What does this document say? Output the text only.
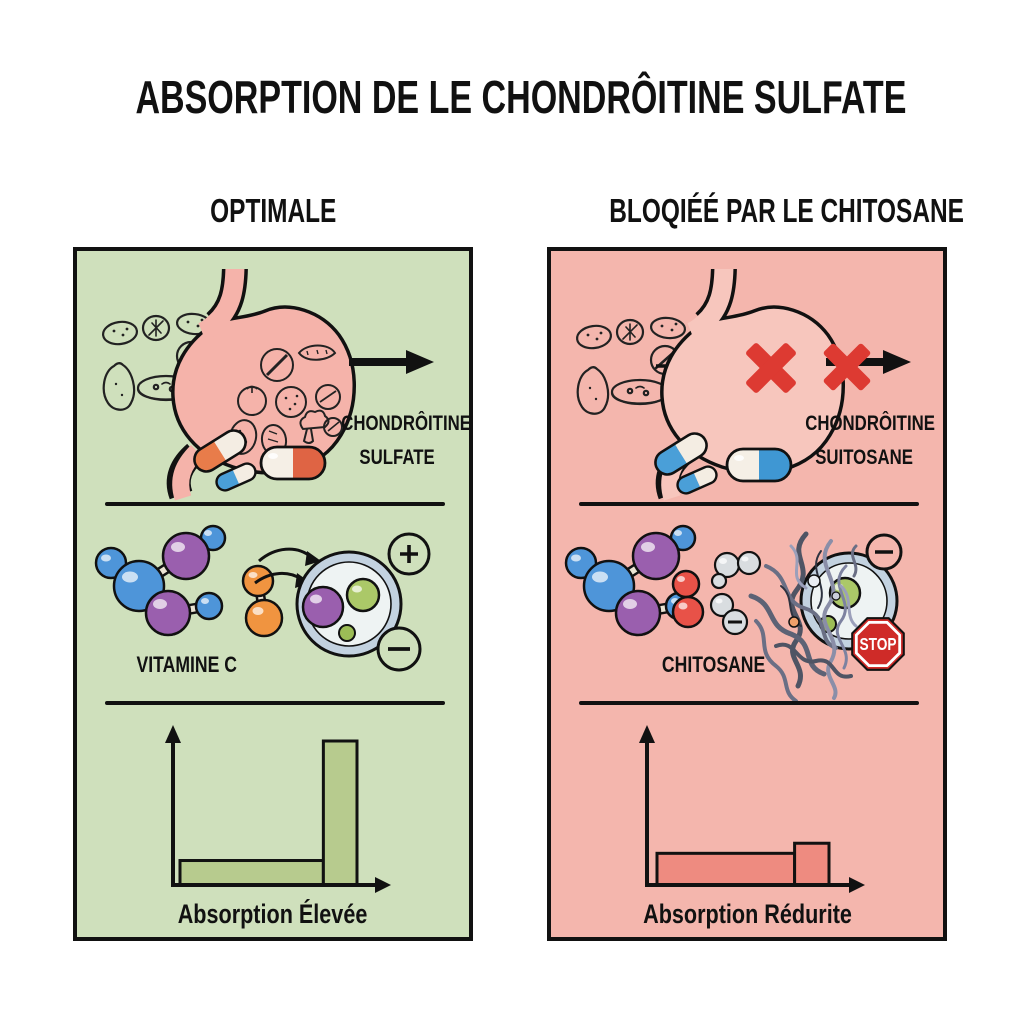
ABSORPTION DE LE CHONDRÔITINE SULFATE
OPTIMALE	BLOQIÉÉ PAR LE CHITOSANE
CHONDRÔITINE
SULFATE
VITAMINE C
Absorption Élevée
CHONDRÔITINE
SUITOSANE
STOP
CHITOSANE
Absorption Rédurite
